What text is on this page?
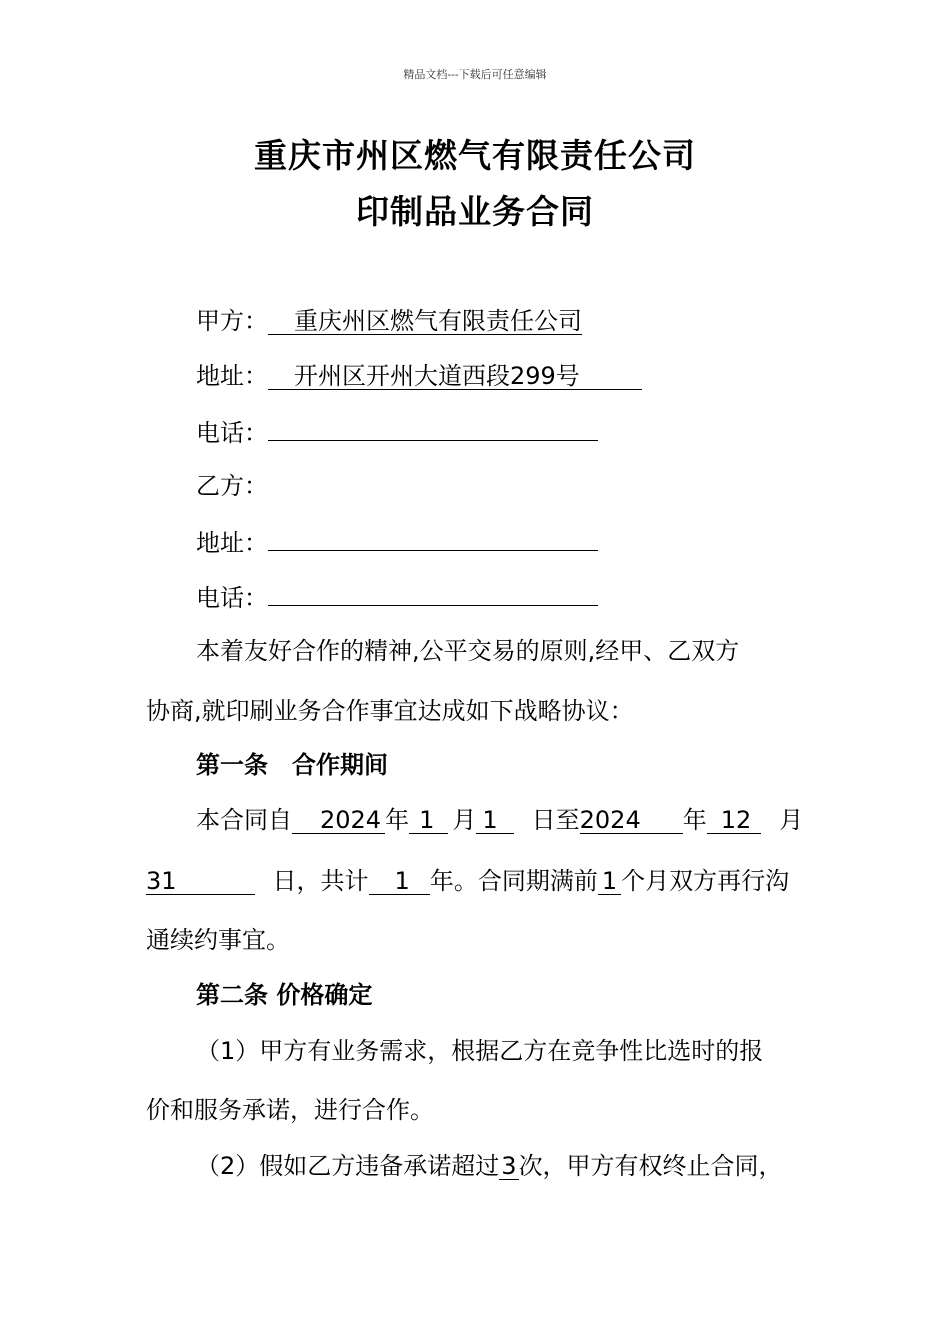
精品文档---下载后可任意编辑
重庆市州区燃气有限责任公司
印制品业务合同
甲方： 重庆州区燃气有限责任公司
地址： 开州区开州大道西段299号
电话：
乙方：
地址：
电话：
本着友好合作的精神,公平交易的原则,经甲、乙双方
协商,就印刷业务合作事宜达成如下战略协议：
第一条　合作期间
本合同自 2024 年 1 月 1 日至2024 年 12 月
31	日，共计 1 年。合同期满前 1 个月双方再行沟
通续约事宜。
第二条 价格确定
（1）甲方有业务需求，根据乙方在竞争性比选时的报
价和服务承诺，进行合作。
（2）假如乙方违备承诺超过3次，甲方有权终止合同，
